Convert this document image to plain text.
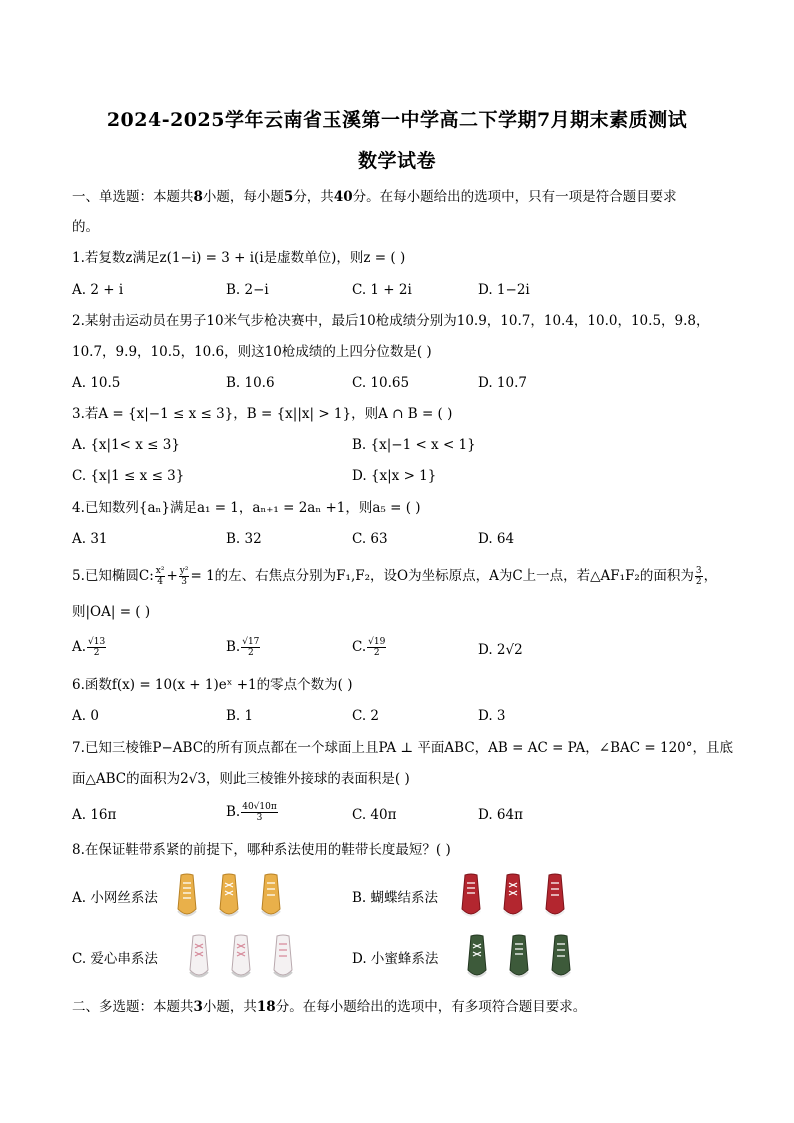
2024-2025学年云南省玉溪第一中学高二下学期7月期末素质测试
数学试卷
一、单选题：本题共8小题，每小题5分，共40分。在每小题给出的选项中，只有一项是符合题目要求
的。
1.若复数z满足z(1−i) = 3 + i(i是虚数单位)，则z = ( )
A. 2 + i	B. 2−i	C. 1 + 2i	D. 1−2i
2.某射击运动员在男子10米气步枪决赛中，最后10枪成绩分别为10.9，10.7，10.4，10.0，10.5，9.8，
10.7，9.9，10.5，10.6，则这10枪成绩的上四分位数是( )
A. 10.5	B. 10.6	C. 10.65	D. 10.7
3.若A = {x|−1 ≤ x ≤ 3}，B = {x||x| > 1}，则A ∩ B = ( )
A. {x|1< x ≤ 3}	B. {x|−1 < x < 1}
C. {x|1 ≤ x ≤ 3}	D. {x|x > 1}
4.已知数列{aₙ}满足a₁ = 1，aₙ₊₁ = 2aₙ +1，则a₅ = ( )
A. 31	B. 32	C. 63	D. 64
5.已知椭圆C: $\frac{\text{x²}}{4} + \frac{\text{y²}}{3} = 1$的左、右焦点分别为F₁,F₂，设O为坐标原点，A为C上一点，若△AF₁F₂的面积为 $\frac{3}{2}$ ，
则|OA| = ( )
A. $\frac{√13}{2}$	B. $\frac{√17}{2}$	C. $\frac{√19}{2}$	D. 2√2
6.函数f(x) = 10(x + 1)eˣ +1的零点个数为( )
A. 0	B. 1	C. 2	D. 3
7.已知三棱锥P−ABC的所有顶点都在一个球面上且PA ⊥ 平面ABC，AB = AC = PA，∠BAC = 120°，且底
面△ABC的面积为2√3，则此三棱锥外接球的表面积是( )
A. 16π	B. $\frac{40√10\pi}{3}$	C. 40π	D. 64π
8.在保证鞋带系紧的前提下，哪种系法使用的鞋带长度最短？( )
A. 小网丝系法	B. 蝴蝶结系法
C. 爱心串系法	D. 小蜜蜂系法
二、多选题：本题共3小题，共18分。在每小题给出的选项中，有多项符合题目要求。
